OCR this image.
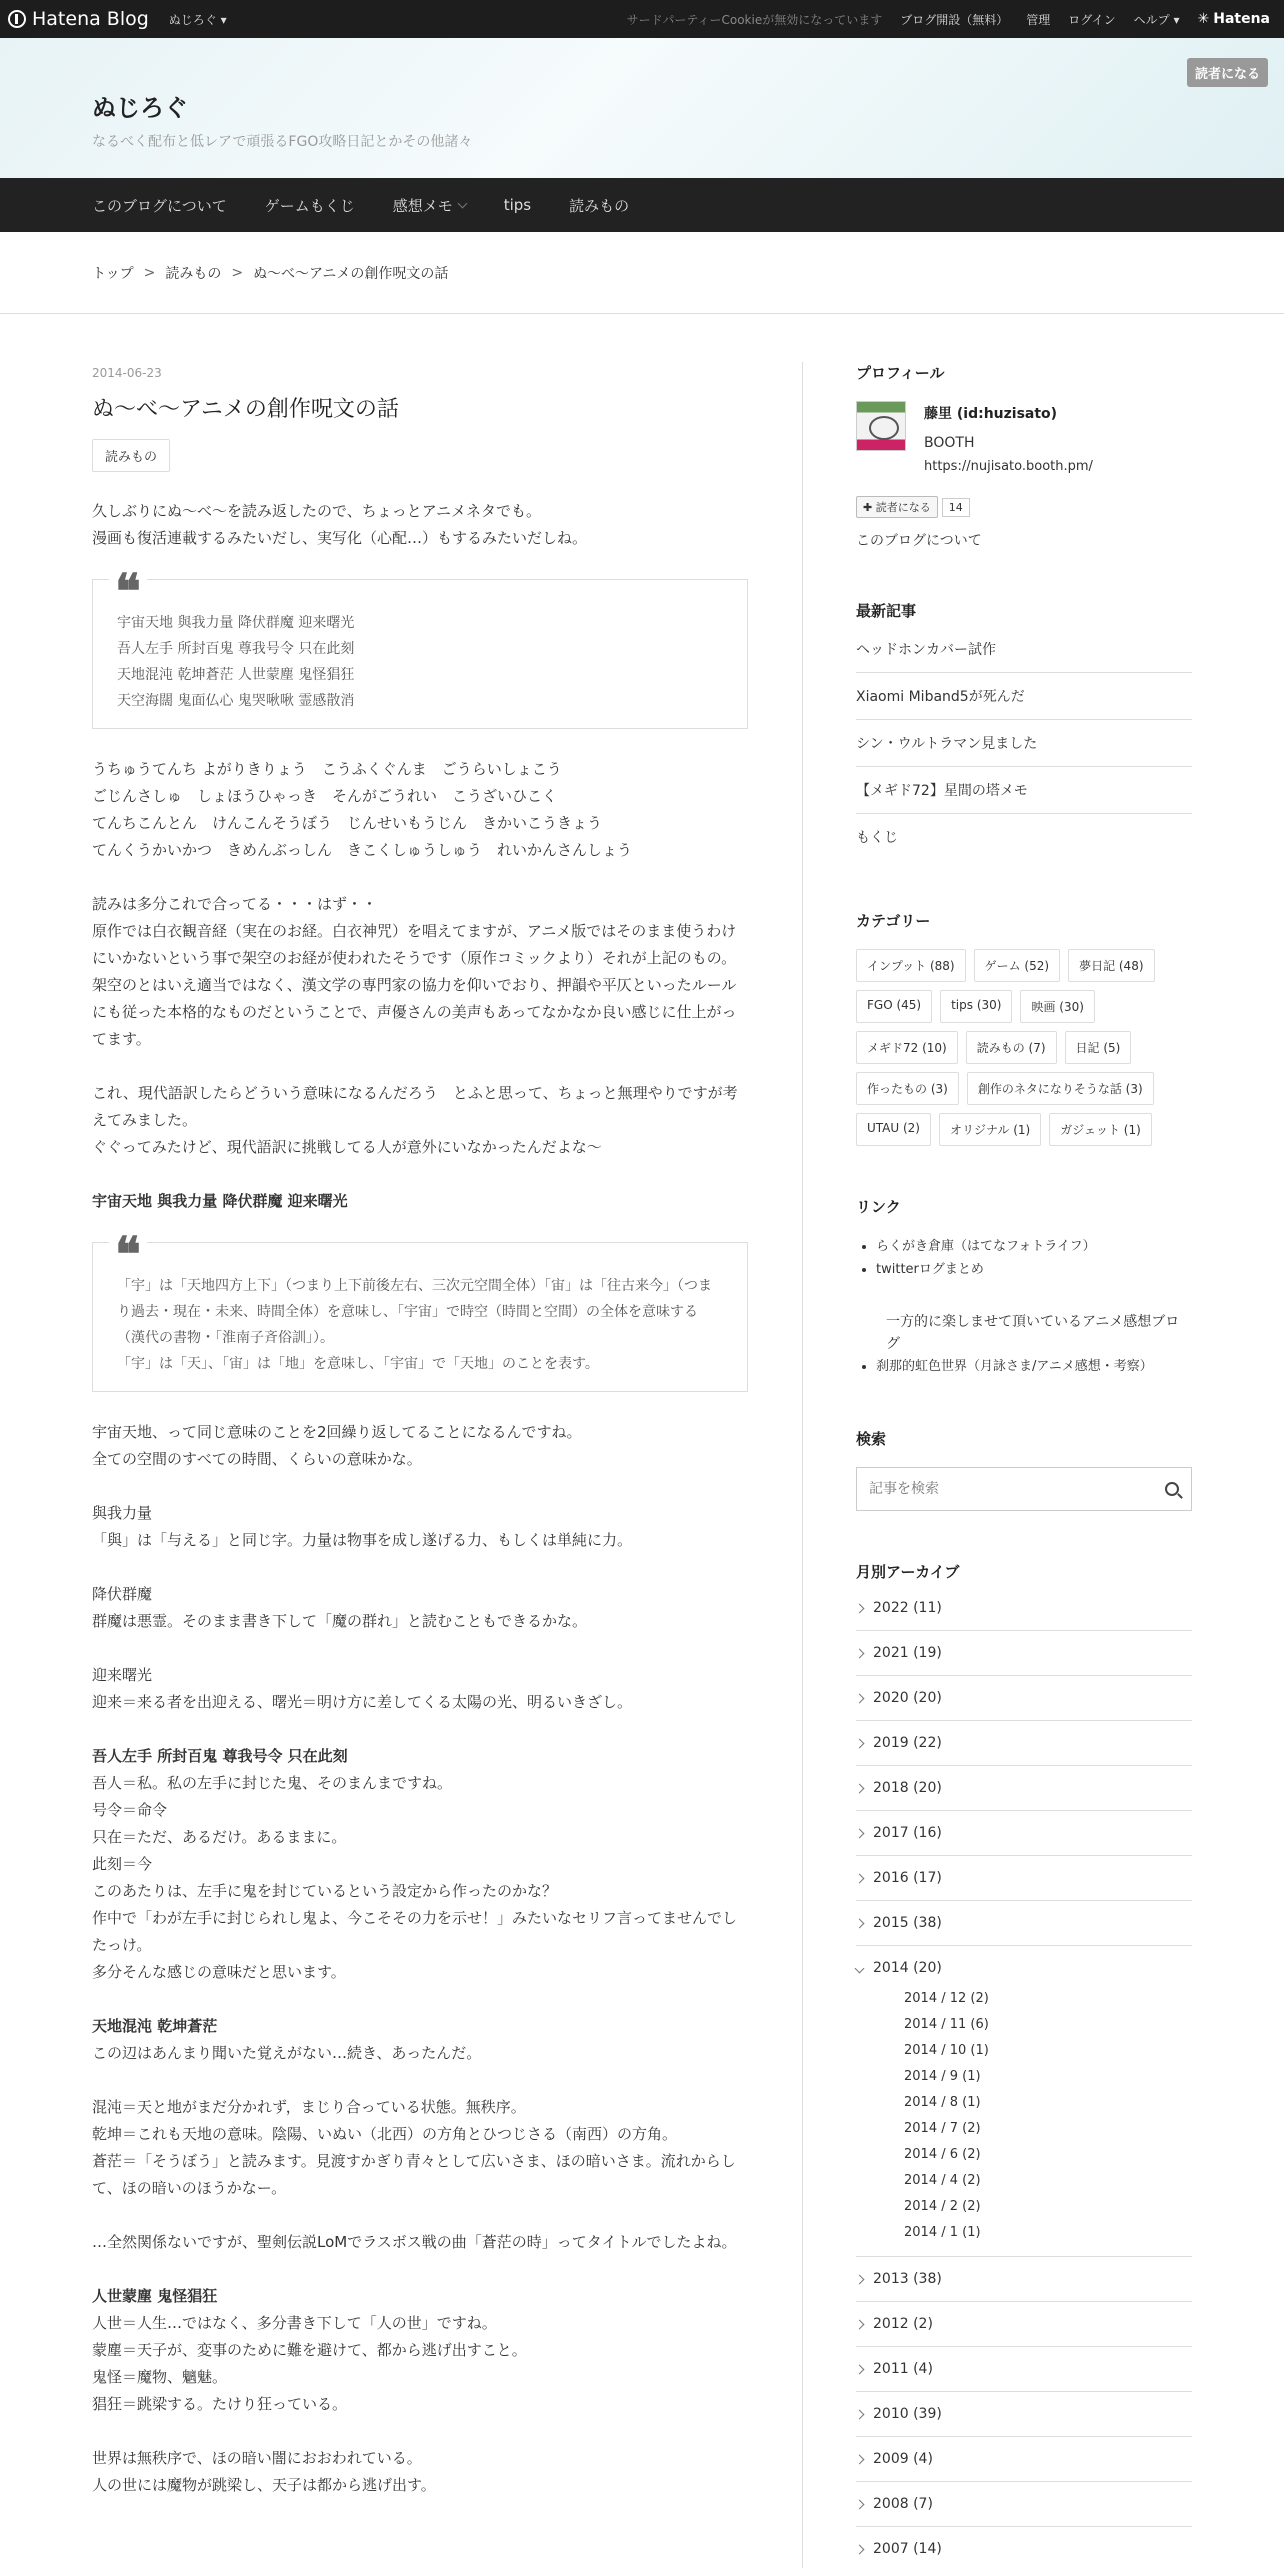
Hatena Blog ぬじろぐ ▾	サードパーティーCookieが無効になっています ブログ開設（無料） 管理 ログイン ヘルプ ▾ ✳ Hatena
ぬじろぐ
なるべく配布と低レアで頑張るFGO攻略日記とかその他諸々
読者になる
このブログについて	ゲームもくじ	感想メモ	tips	読みもの
トップ > 読みもの > ぬ〜べ〜アニメの創作呪文の話
2014-06-23
ぬ〜べ〜アニメの創作呪文の話
読みもの

久しぶりにぬ〜べ〜を読み返したので、ちょっとアニメネタでも。
漫画も復活連載するみたいだし、実写化（心配…）もするみたいだしね。

❝
宇宙天地 與我力量 降伏群魔 迎来曙光
吾人左手 所封百鬼 尊我号令 只在此刻
天地混沌 乾坤蒼茫 人世蒙塵 鬼怪猖狂
天空海闊 鬼面仏心 鬼哭啾啾 霊感散消

うちゅうてんち よがりきりょう　こうふくぐんま　ごうらいしょこう
ごじんさしゅ　しょほうひゃっき　そんがごうれい　こうざいひこく
てんちこんとん　けんこんそうぼう　じんせいもうじん　きかいこうきょう
てんくうかいかつ　きめんぶっしん　きこくしゅうしゅう　れいかんさんしょう

読みは多分これで合ってる・・・はず・・
原作では白衣観音経（実在のお経。白衣神咒）を唱えてますが、アニメ版ではそのまま使うわけにいかないという事で架空のお経が使われたそうです（原作コミックより）それが上記のもの。
架空のとはいえ適当ではなく、漢文学の専門家の協力を仰いでおり、押韻や平仄といったルールにも従った本格的なものだということで、声優さんの美声もあってなかなか良い感じに仕上がってます。

これ、現代語訳したらどういう意味になるんだろう　とふと思って、ちょっと無理やりですが考えてみました。
ぐぐってみたけど、現代語訳に挑戦してる人が意外にいなかったんだよな〜

宇宙天地 與我力量 降伏群魔 迎来曙光

❝
「宇」は「天地四方上下」（つまり上下前後左右、三次元空間全体）「宙」は「往古来今」（つまり過去・現在・未来、時間全体）を意味し、「宇宙」で時空（時間と空間）の全体を意味する（漢代の書物・「淮南子斉俗訓」）。
「宇」は「天」、「宙」は「地」を意味し、「宇宙」で「天地」のことを表す。

宇宙天地、って同じ意味のことを2回繰り返してることになるんですね。
全ての空間のすべての時間、くらいの意味かな。

與我力量
「與」は「与える」と同じ字。力量は物事を成し遂げる力、もしくは単純に力。

降伏群魔
群魔は悪霊。そのまま書き下して「魔の群れ」と読むこともできるかな。

迎来曙光
迎来＝来る者を出迎える、曙光＝明け方に差してくる太陽の光、明るいきざし。

吾人左手 所封百鬼 尊我号令 只在此刻
吾人＝私。私の左手に封じた鬼、そのまんまですね。
号令＝命令
只在＝ただ、あるだけ。あるままに。
此刻＝今
このあたりは、左手に鬼を封じているという設定から作ったのかな？
作中で「わが左手に封じられし鬼よ、今こそその力を示せ！」みたいなセリフ言ってませんでしたっけ。
多分そんな感じの意味だと思います。

天地混沌 乾坤蒼茫
この辺はあんまり聞いた覚えがない…続き、あったんだ。

混沌＝天と地がまだ分かれず，まじり合っている状態。無秩序。
乾坤＝これも天地の意味。陰陽、いぬい（北西）の方角とひつじさる（南西）の方角。
蒼茫＝「そうぼう」と読みます。見渡すかぎり青々として広いさま、ほの暗いさま。流れからして、ほの暗いのほうかなー。

…全然関係ないですが、聖剣伝説LoMでラスボス戦の曲「蒼茫の時」ってタイトルでしたよね。

人世蒙塵 鬼怪猖狂
人世＝人生…ではなく、多分書き下して「人の世」ですね。
蒙塵＝天子が、変事のために難を避けて、都から逃げ出すこと。
鬼怪＝魔物、魑魅。
猖狂＝跳梁する。たけり狂っている。

世界は無秩序で、ほの暗い闇におおわれている。
人の世には魔物が跳梁し、天子は都から逃げ出す。

プロフィール
藤里 (id:huzisato)
BOOTH
https://nujisato.booth.pm/
✚ 読者になる	14
このブログについて
最新記事
ヘッドホンカバー試作
Xiaomi Miband5が死んだ
シン・ウルトラマン見ました
【メギド72】星間の塔メモ
もくじ
カテゴリー
インプット (88)	ゲーム (52)	夢日記 (48)
FGO (45)	tips (30)	映画 (30)
メギド72 (10)	読みもの (7)	日記 (5)
作ったもの (3)	創作のネタになりそうな話 (3)
UTAU (2)	オリジナル (1)	ガジェット (1)
リンク
• らくがき倉庫（はてなフォトライフ）
• twitterログまとめ
一方的に楽しませて頂いているアニメ感想ブログ
• 刹那的虹色世界（月詠さま/アニメ感想・考察）
検索
記事を検索
月別アーカイブ
2022 (11)
2021 (19)
2020 (20)
2019 (22)
2018 (20)
2017 (16)
2016 (17)
2015 (38)
2014 (20)
2014 / 12 (2)
2014 / 11 (6)
2014 / 10 (1)
2014 / 9 (1)
2014 / 8 (1)
2014 / 7 (2)
2014 / 6 (2)
2014 / 4 (2)
2014 / 2 (2)
2014 / 1 (1)
2013 (38)
2012 (2)
2011 (4)
2010 (39)
2009 (4)
2008 (7)
2007 (14)
